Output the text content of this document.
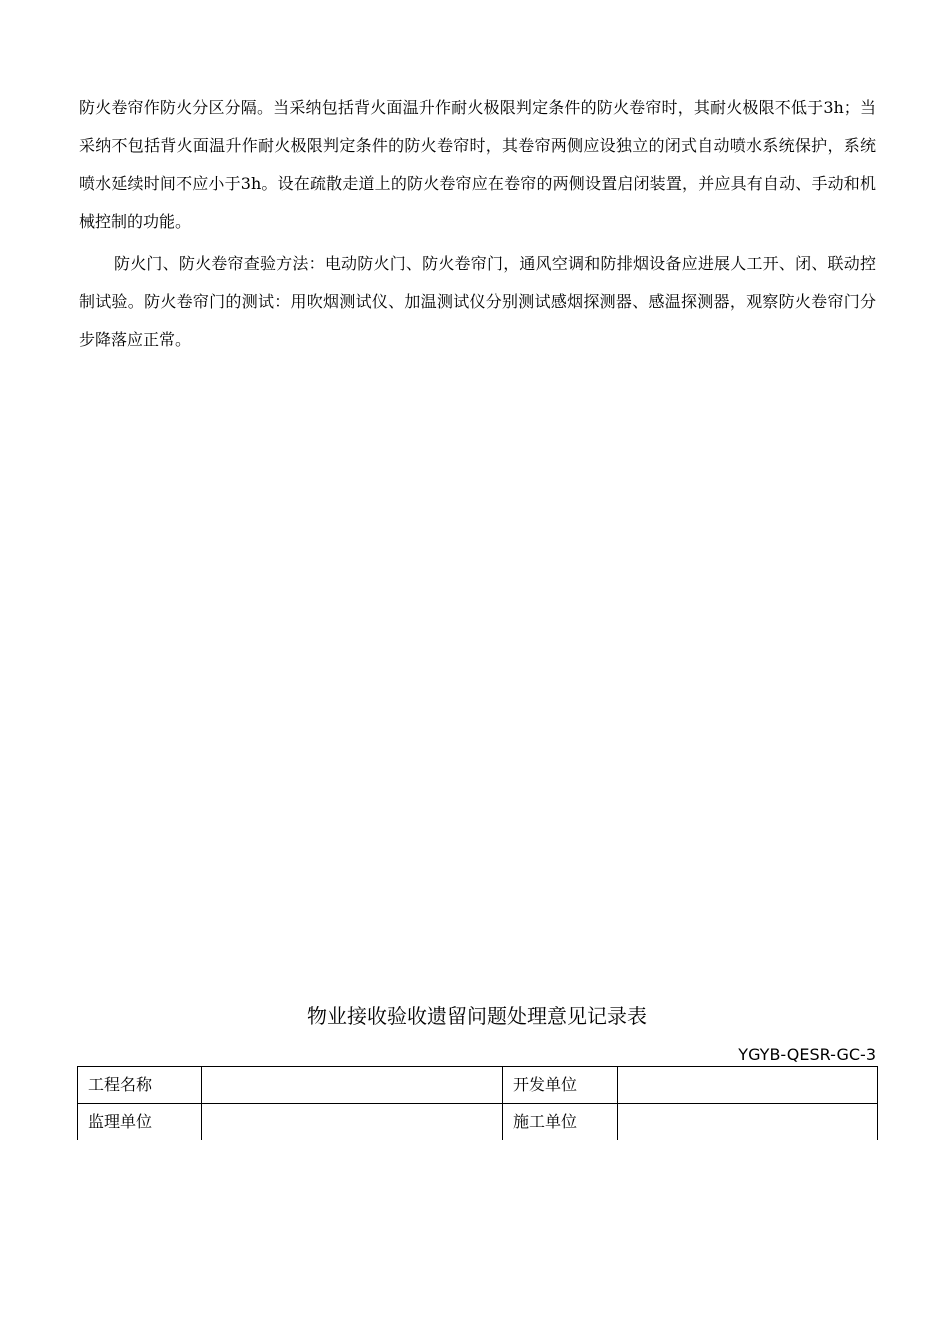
防火卷帘作防火分区分隔。当采纳包括背火面温升作耐火极限判定条件的防火卷帘时，其耐火极限不低于3h；当采纳不包括背火面温升作耐火极限判定条件的防火卷帘时，其卷帘两侧应设独立的闭式自动喷水系统保护，系统喷水延续时间不应小于3h。设在疏散走道上的防火卷帘应在卷帘的两侧设置启闭装置，并应具有自动、手动和机械控制的功能。

防火门、防火卷帘查验方法：电动防火门、防火卷帘门，通风空调和防排烟设备应进展人工开、闭、联动控制试验。防火卷帘门的测试：用吹烟测试仪、加温测试仪分别测试感烟探测器、感温探测器，观察防火卷帘门分步降落应正常。

物业接收验收遗留问题处理意见记录表
YGYB-QESR-GC-3
工程名称		开发单位	
监理单位		施工单位	
